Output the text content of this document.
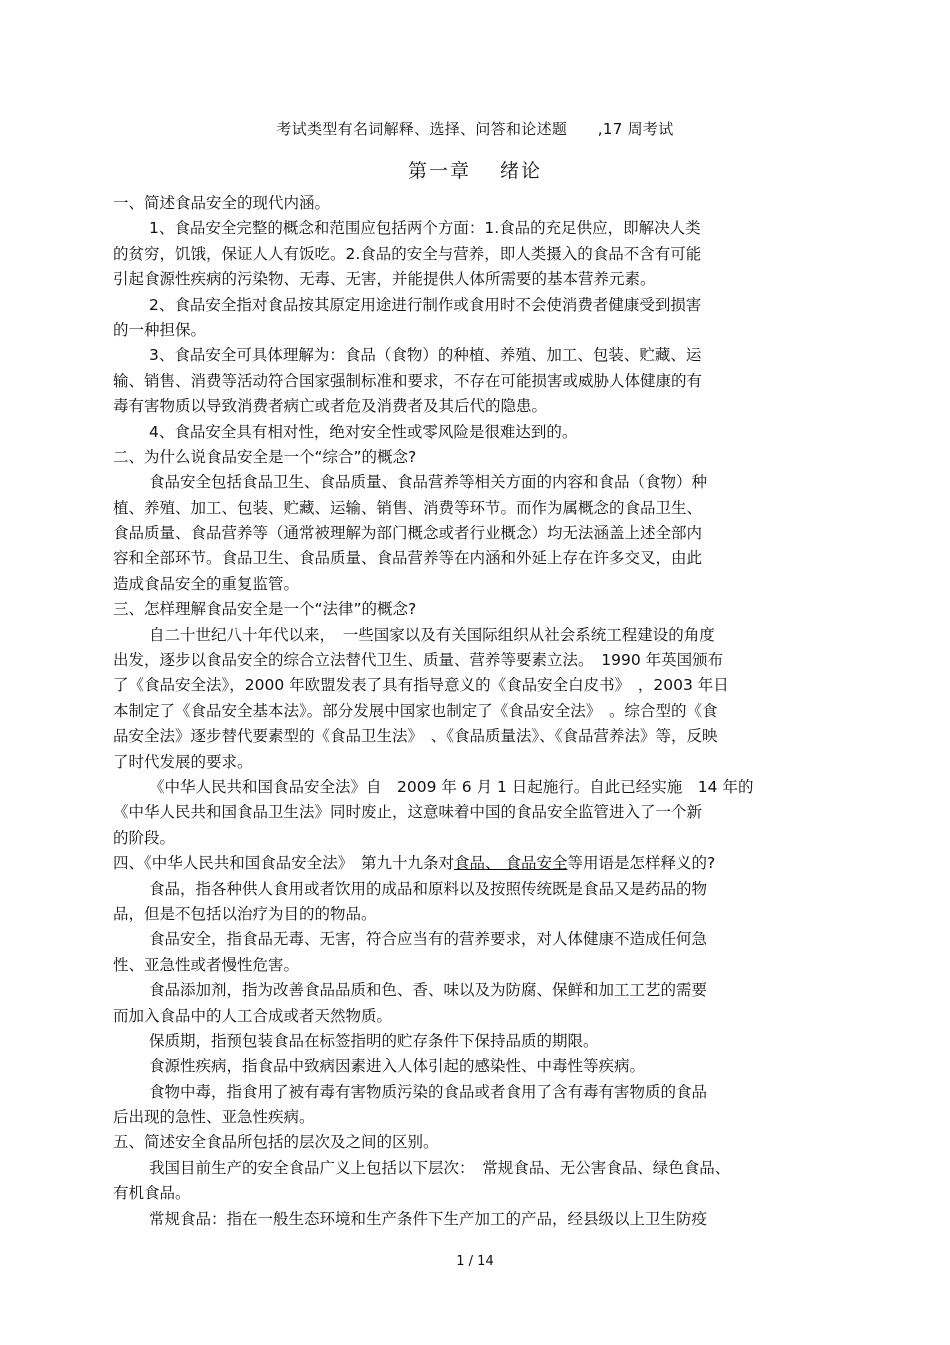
考试类型有名词解释、选择、问答和论述题　　,17 周考试
第一章　 绪论
一、简述食品安全的现代内涵。
1、食品安全完整的概念和范围应包括两个方面：1.食品的充足供应，即解决人类
的贫穷，饥饿，保证人人有饭吃。2.食品的安全与营养，即人类摄入的食品不含有可能
引起食源性疾病的污染物、无毒、无害，并能提供人体所需要的基本营养元素。
2、食品安全指对食品按其原定用途进行制作或食用时不会使消费者健康受到损害
的一种担保。
3、食品安全可具体理解为：食品（食物）的种植、养殖、加工、包装、贮藏、运
输、销售、消费等活动符合国家强制标准和要求，不存在可能损害或威胁人体健康的有
毒有害物质以导致消费者病亡或者危及消费者及其后代的隐患。
4、食品安全具有相对性，绝对安全性或零风险是很难达到的。
二、为什么说食品安全是一个“综合”的概念?
食品安全包括食品卫生、食品质量、食品营养等相关方面的内容和食品（食物）种
植、养殖、加工、包装、贮藏、运输、销售、消费等环节。而作为属概念的食品卫生、
食品质量、食品营养等（通常被理解为部门概念或者行业概念）均无法涵盖上述全部内
容和全部环节。食品卫生、食品质量、食品营养等在内涵和外延上存在许多交叉，由此
造成食品安全的重复监管。
三、怎样理解食品安全是一个“法律”的概念?
自二十世纪八十年代以来，　一些国家以及有关国际组织从社会系统工程建设的角度
出发，逐步以食品安全的综合立法替代卫生、质量、营养等要素立法。　1990 年英国颁布
了《食品安全法》，2000 年欧盟发表了具有指导意义的《食品安全白皮书》　，2003 年日
本制定了《食品安全基本法》。部分发展中国家也制定了《食品安全法》　。综合型的《食
品安全法》逐步替代要素型的《食品卫生法》　、《食品质量法》、《食品营养法》等，反映
了时代发展的要求。
《中华人民共和国食品安全法》自　2009 年 6 月 1 日起施行。自此已经实施　14 年的
《中华人民共和国食品卫生法》同时废止，这意味着中国的食品安全监管进入了一个新
的阶段。
四、《中华人民共和国食品安全法》　第九十九条对食品、 食品安全等用语是怎样释义的?
食品，指各种供人食用或者饮用的成品和原料以及按照传统既是食品又是药品的物
品，但是不包括以治疗为目的的物品。
食品安全，指食品无毒、无害，符合应当有的营养要求，对人体健康不造成任何急
性、亚急性或者慢性危害。
食品添加剂，指为改善食品品质和色、香、味以及为防腐、保鲜和加工工艺的需要
而加入食品中的人工合成或者天然物质。
保质期，指预包装食品在标签指明的贮存条件下保持品质的期限。
食源性疾病，指食品中致病因素进入人体引起的感染性、中毒性等疾病。
食物中毒，指食用了被有毒有害物质污染的食品或者食用了含有毒有害物质的食品
后出现的急性、亚急性疾病。
五、简述安全食品所包括的层次及之间的区别。
我国目前生产的安全食品广义上包括以下层次：　常规食品、无公害食品、绿色食品、
有机食品。
常规食品：指在一般生态环境和生产条件下生产加工的产品，经县级以上卫生防疫
1 / 14
